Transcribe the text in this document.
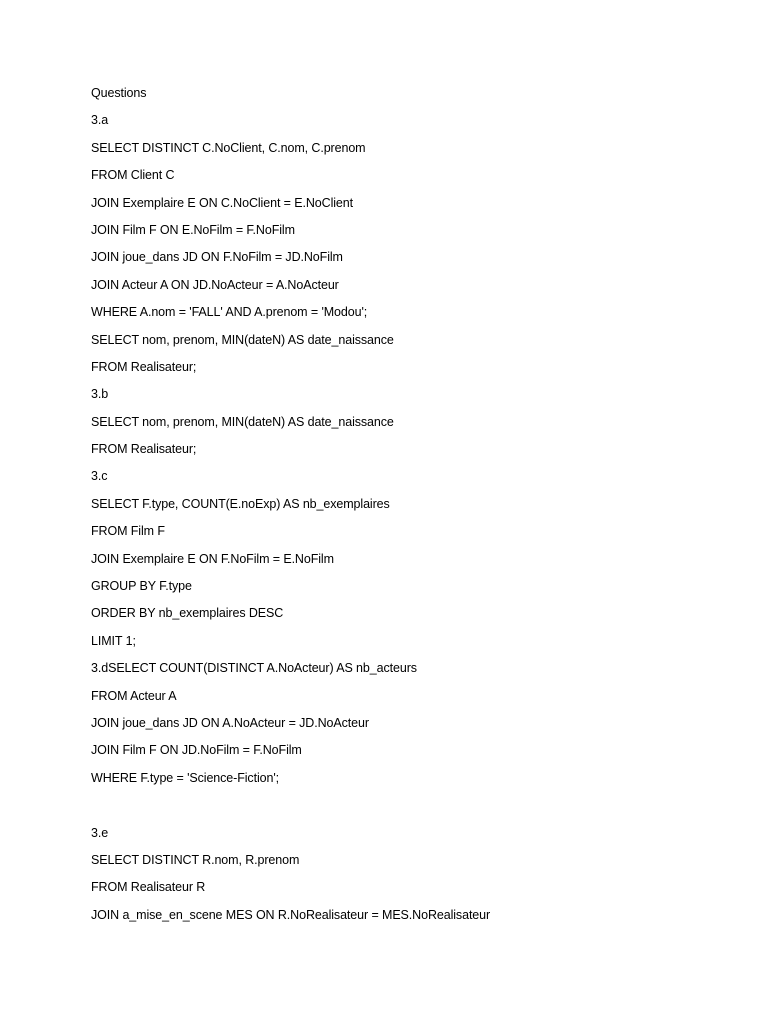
Questions
3.a
SELECT DISTINCT C.NoClient, C.nom, C.prenom
FROM Client C
JOIN Exemplaire E ON C.NoClient = E.NoClient
JOIN Film F ON E.NoFilm = F.NoFilm
JOIN joue_dans JD ON F.NoFilm = JD.NoFilm
JOIN Acteur A ON JD.NoActeur = A.NoActeur
WHERE A.nom = 'FALL' AND A.prenom = 'Modou';
SELECT nom, prenom, MIN(dateN) AS date_naissance
FROM Realisateur;
3.b
SELECT nom, prenom, MIN(dateN) AS date_naissance
FROM Realisateur;
3.c
SELECT F.type, COUNT(E.noExp) AS nb_exemplaires
FROM Film F
JOIN Exemplaire E ON F.NoFilm = E.NoFilm
GROUP BY F.type
ORDER BY nb_exemplaires DESC
LIMIT 1;
3.dSELECT COUNT(DISTINCT A.NoActeur) AS nb_acteurs
FROM Acteur A
JOIN joue_dans JD ON A.NoActeur = JD.NoActeur
JOIN Film F ON JD.NoFilm = F.NoFilm
WHERE F.type = 'Science-Fiction';
3.e
SELECT DISTINCT R.nom, R.prenom
FROM Realisateur R
JOIN a_mise_en_scene MES ON R.NoRealisateur = MES.NoRealisateur
